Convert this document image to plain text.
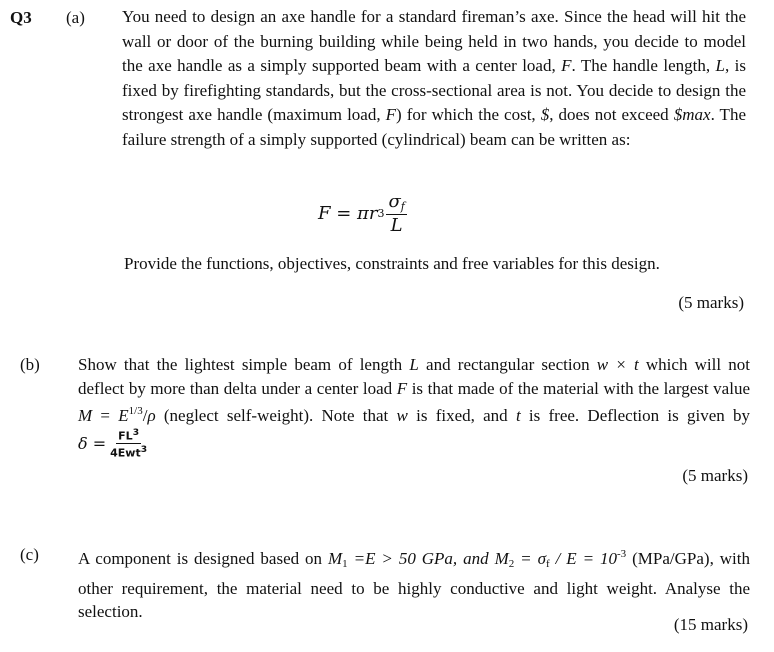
Q3 (a) You need to design an axe handle for a standard fireman’s axe. Since the head will hit the wall or door of the burning building while being held in two hands, you decide to model the axe handle as a simply supported beam with a center load, F. The handle length, L, is fixed by firefighting standards, but the cross-sectional area is not. You decide to design the strongest axe handle (maximum load, F) for which the cost, $, does not exceed $max. The failure strength of a simply supported (cylindrical) beam can be written as:
F = πr $3 \frac{\sigma_f}{L}$
Provide the functions, objectives, constraints and free variables for this design.
(5 marks)
(b) Show that the lightest simple beam of length L and rectangular section w × t which will not deflect by more than delta under a center load F is that made of the material with the largest value $M = E^{1/3}/\rho$ (neglect self-weight). Note that w is fixed, and t is free. Deflection is given by
$\delta = \frac{FL^3}{4Ewt^3}$
(5 marks)
(c) A component is designed based on $M_1 =E > 50$ GPa, and $M_2 = \sigma_f / E = 10^{-3}$ (MPa/GPa), with other requirement, the material need to be highly conductive and light weight. Analyse the selection.
(15 marks)
